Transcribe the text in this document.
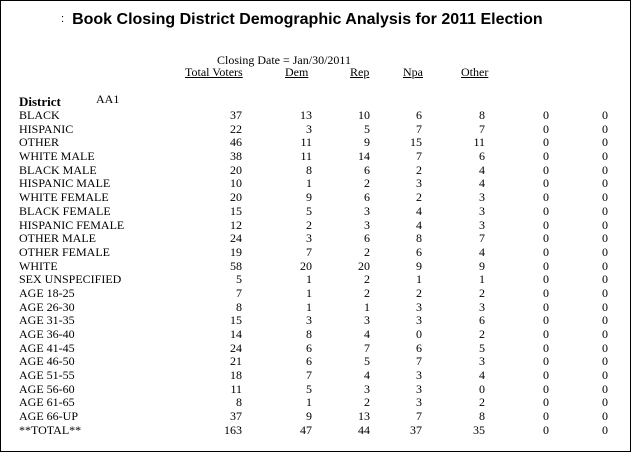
: Book Closing District Demographic Analysis for 2011 Election
Closing Date = Jan/30/2011
Total Voters	Dem	Rep	Npa	Other
District	AA1
BLACK	37	13	10	6	8	0	0
HISPANIC	22	3	5	7	7	0	0
OTHER	46	11	9	15	11	0	0
WHITE MALE	38	11	14	7	6	0	0
BLACK MALE	20	8	6	2	4	0	0
HISPANIC MALE	10	1	2	3	4	0	0
WHITE FEMALE	20	9	6	2	3	0	0
BLACK FEMALE	15	5	3	4	3	0	0
HISPANIC FEMALE	12	2	3	4	3	0	0
OTHER MALE	24	3	6	8	7	0	0
OTHER FEMALE	19	7	2	6	4	0	0
WHITE	58	20	20	9	9	0	0
SEX UNSPECIFIED	5	1	2	1	1	0	0
AGE 18-25	7	1	2	2	2	0	0
AGE 26-30	8	1	1	3	3	0	0
AGE 31-35	15	3	3	3	6	0	0
AGE 36-40	14	8	4	0	2	0	0
AGE 41-45	24	6	7	6	5	0	0
AGE 46-50	21	6	5	7	3	0	0
AGE 51-55	18	7	4	3	4	0	0
AGE 56-60	11	5	3	3	0	0	0
AGE 61-65	8	1	2	3	2	0	0
AGE 66-UP	37	9	13	7	8	0	0
**TOTAL**	163	47	44	37	35	0	0
